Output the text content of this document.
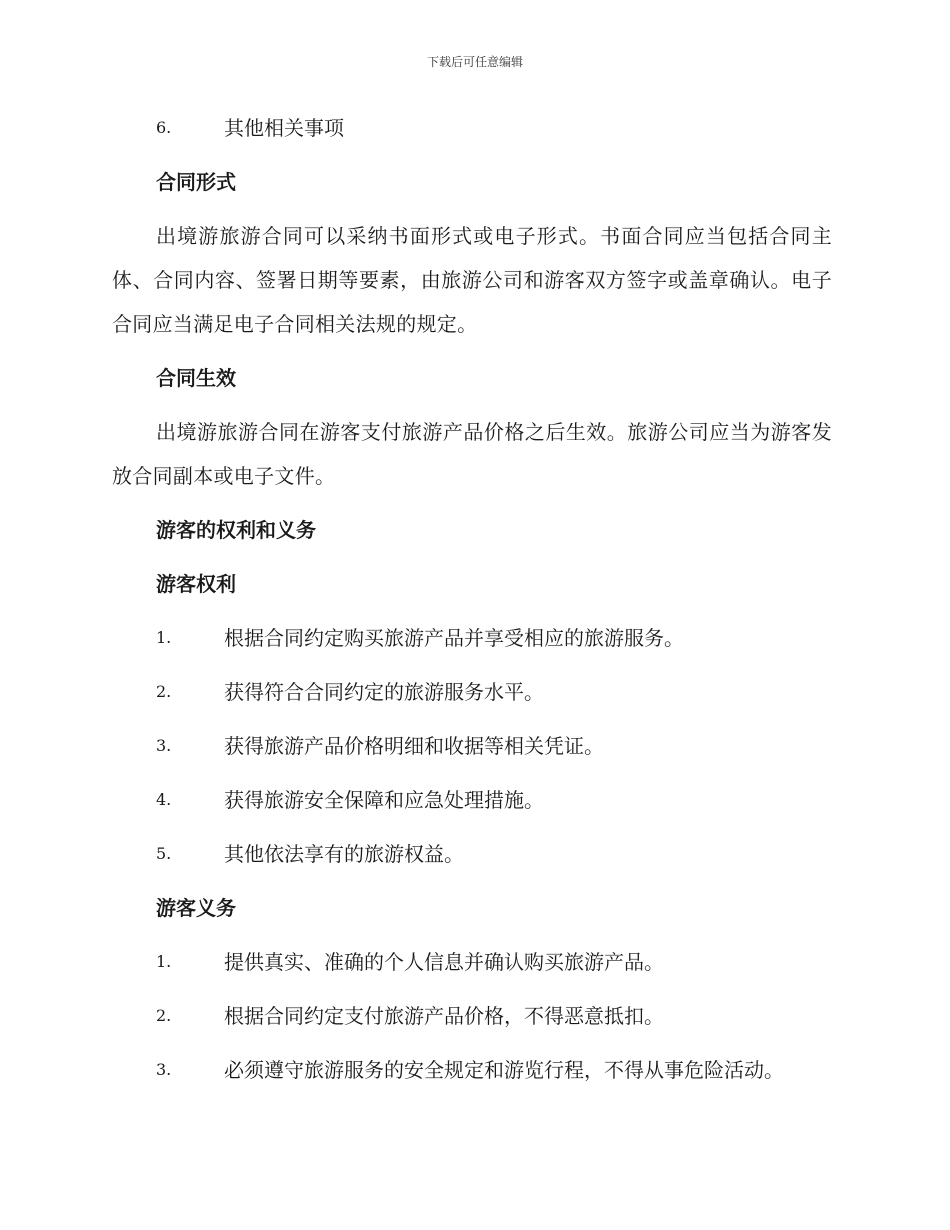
下载后可任意编辑
6.	其他相关事项
合同形式
出境游旅游合同可以采纳书面形式或电子形式。书面合同应当包括合同主体、合同内容、签署日期等要素，由旅游公司和游客双方签字或盖章确认。电子合同应当满足电子合同相关法规的规定。
合同生效
出境游旅游合同在游客支付旅游产品价格之后生效。旅游公司应当为游客发放合同副本或电子文件。
游客的权利和义务
游客权利
1.	根据合同约定购买旅游产品并享受相应的旅游服务。
2.	获得符合合同约定的旅游服务水平。
3.	获得旅游产品价格明细和收据等相关凭证。
4.	获得旅游安全保障和应急处理措施。
5.	其他依法享有的旅游权益。
游客义务
1.	提供真实、准确的个人信息并确认购买旅游产品。
2.	根据合同约定支付旅游产品价格，不得恶意抵扣。
3.	必须遵守旅游服务的安全规定和游览行程，不得从事危险活动。
